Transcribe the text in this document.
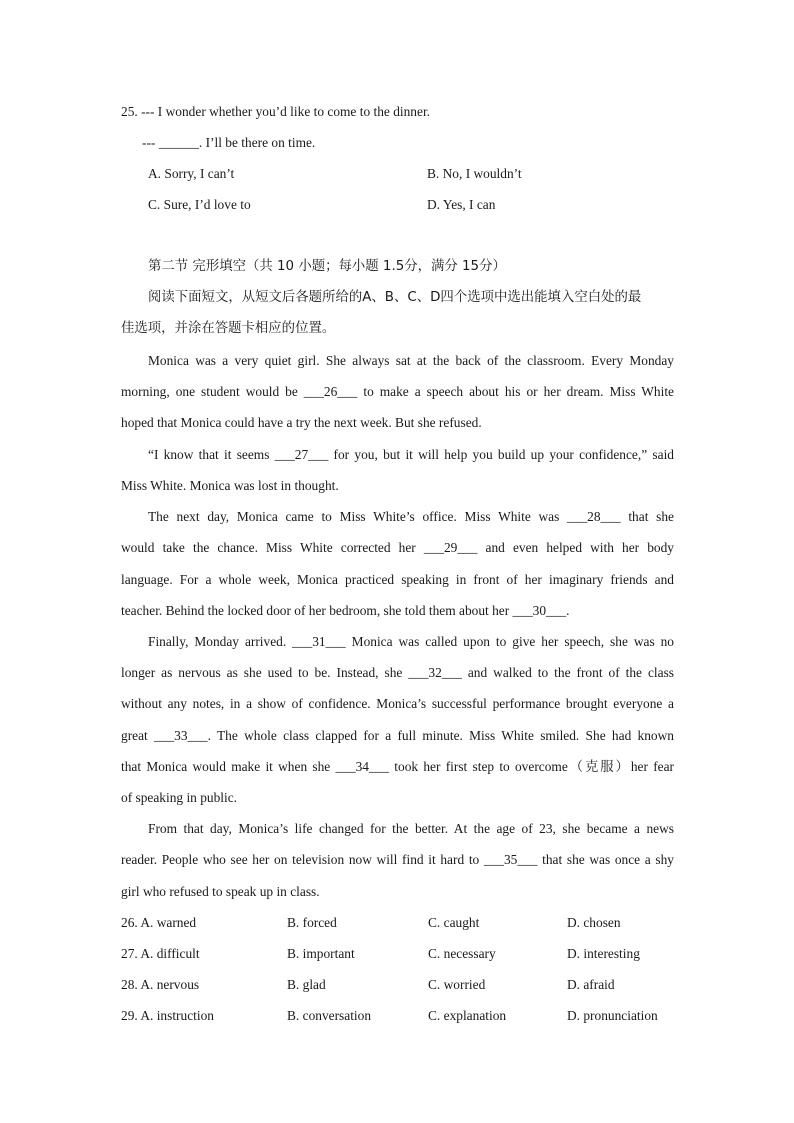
25. --- I wonder whether you’d like to come to the dinner.
--- ______. I’ll be there on time.
A. Sorry, I can’t	B. No, I wouldn’t
C. Sure, I’d love to	D. Yes, I can
第二节 完形填空（共 10 小题；每小题 1.5分，满分 15分）
阅读下面短文，从短文后各题所给的A、B、C、D四个选项中选出能填入空白处的最
佳选项，并涂在答题卡相应的位置。
Monica was a very quiet girl. She always sat at the back of the classroom. Every Monday
morning, one student would be ___26___ to make a speech about his or her dream. Miss White
hoped that Monica could have a try the next week. But she refused.
“I know that it seems ___27___ for you, but it will help you build up your confidence,” said
Miss White. Monica was lost in thought.
The next day, Monica came to Miss White’s office. Miss White was ___28___ that she
would take the chance. Miss White corrected her ___29___ and even helped with her body
language. For a whole week, Monica practiced speaking in front of her imaginary friends and
teacher. Behind the locked door of her bedroom, she told them about her ___30___.
Finally, Monday arrived. ___31___ Monica was called upon to give her speech, she was no
longer as nervous as she used to be. Instead, she ___32___ and walked to the front of the class
without any notes, in a show of confidence. Monica’s successful performance brought everyone a
great ___33___. The whole class clapped for a full minute. Miss White smiled. She had known
that Monica would make it when she ___34___ took her first step to overcome（克服）her fear
of speaking in public.
From that day, Monica’s life changed for the better. At the age of 23, she became a news
reader. People who see her on television now will find it hard to ___35___ that she was once a shy
girl who refused to speak up in class.
26. A. warned	B. forced	C. caught	D. chosen
27. A. difficult	B. important	C. necessary	D. interesting
28. A. nervous	B. glad	C. worried	D. afraid
29. A. instruction	B. conversation	C. explanation	D. pronunciation
